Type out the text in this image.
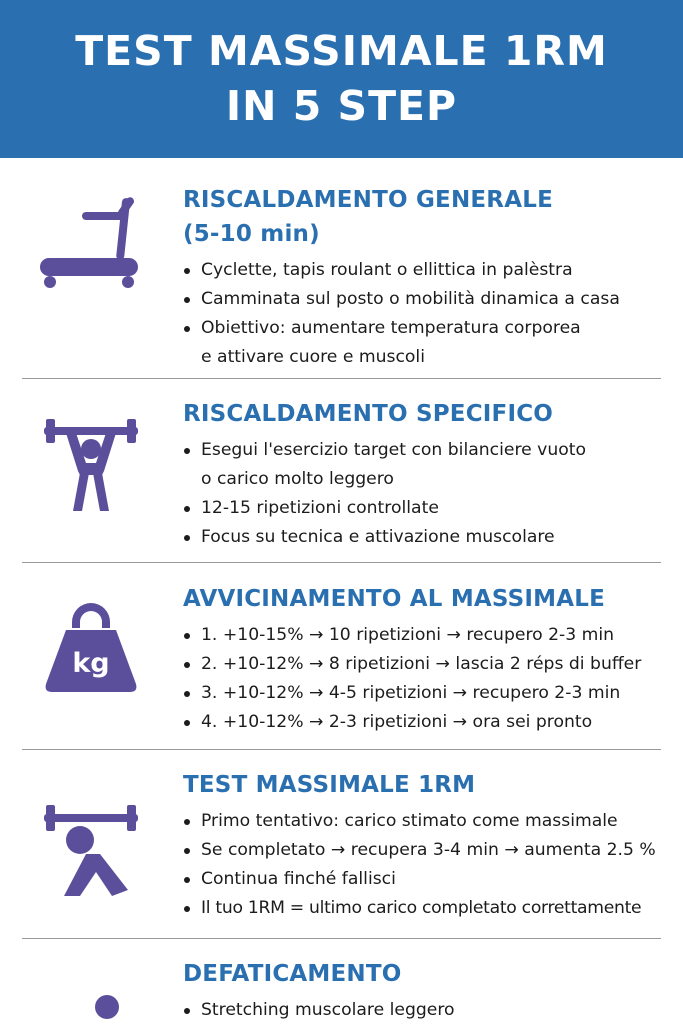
TEST MASSIMALE 1RM
IN 5 STEP
RISCALDAMENTO GENERALE
(5-10 min)
Cyclette, tapis roulant o ellittica in palèstra
Camminata sul posto o mobilità dinamica a casa
Obiettivo: aumentare temperatura corporea
e attivare cuore e muscoli
RISCALDAMENTO SPECIFICO
Esegui l'esercizio target con bilanciere vuoto
o carico molto leggero
12-15 ripetizioni controllate
Focus su tecnica e attivazione muscolare
kg
AVVICINAMENTO AL MASSIMALE
1. +10-15% → 10 ripetizioni → recupero 2-3 min
2. +10-12% → 8 ripetizioni → lascia 2 réps di buffer
3. +10-12% → 4-5 ripetizioni → recupero 2-3 min
4. +10-12% → 2-3 ripetizioni → ora sei pronto
TEST MASSIMALE 1RM
Primo tentativo: carico stimato come massimale
Se completato → recupera 3-4 min → aumenta 2.5 %
Continua finché fallisci
Il tuo 1RM = ultimo carico completato correttamente
DEFATICAMENTO
Stretching muscolare leggero
